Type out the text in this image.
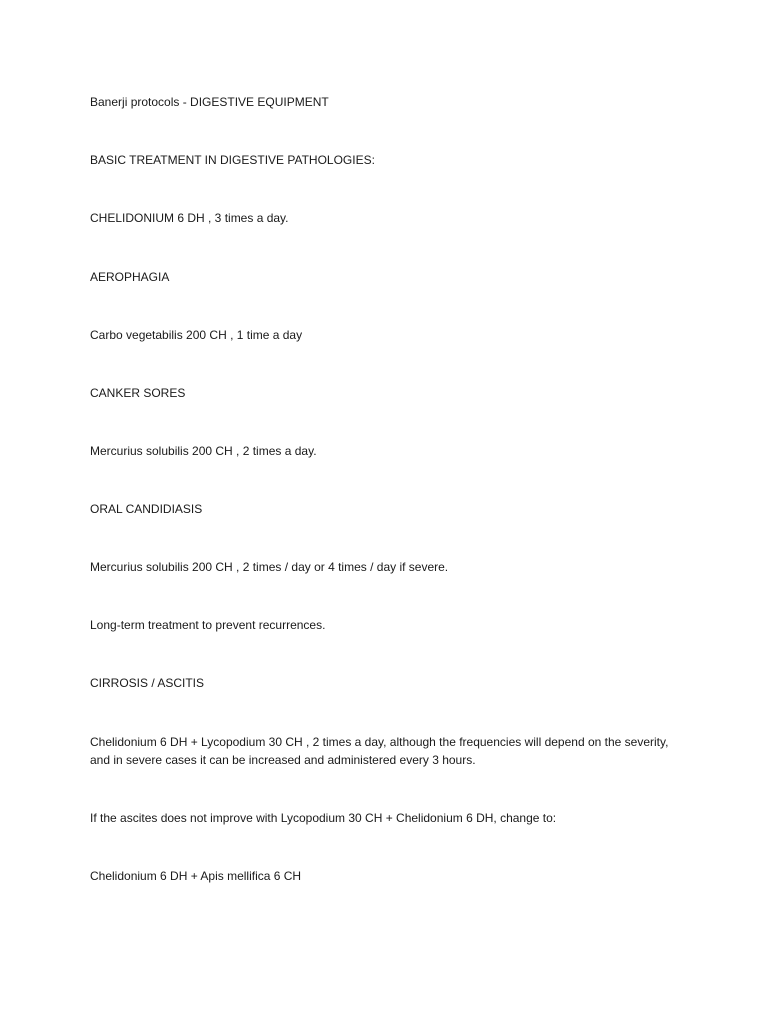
Banerji protocols - DIGESTIVE EQUIPMENT

BASIC TREATMENT IN DIGESTIVE PATHOLOGIES:

CHELIDONIUM 6 DH , 3 times a day.

AEROPHAGIA

Carbo vegetabilis 200 CH , 1 time a day

CANKER SORES

Mercurius solubilis 200 CH , 2 times a day.

ORAL CANDIDIASIS

Mercurius solubilis 200 CH , 2 times / day or 4 times / day if severe.

Long-term treatment to prevent recurrences.

CIRROSIS / ASCITIS

Chelidonium 6 DH + Lycopodium 30 CH , 2 times a day, although the frequencies will depend on the severity, and in severe cases it can be increased and administered every 3 hours.

If the ascites does not improve with Lycopodium 30 CH + Chelidonium 6 DH, change to:

Chelidonium 6 DH + Apis mellifica 6 CH
